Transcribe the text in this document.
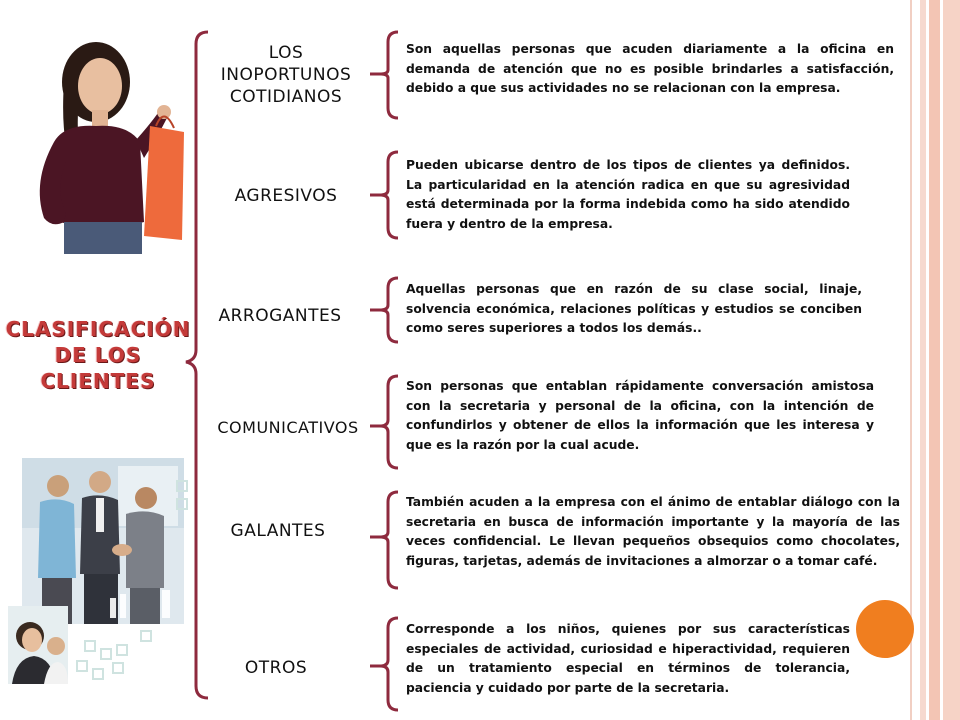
CLASIFICACIÓN
DE LOS
CLIENTES
LOS
INOPORTUNOS
COTIDIANOS
AGRESIVOS
ARROGANTES
COMUNICATIVOS
GALANTES
OTROS
Son aquellas personas que acuden diariamente a la oficina en demanda de atención que no es posible brindarles a satisfacción, debido a que sus actividades no se relacionan con la empresa.
Pueden ubicarse dentro de los tipos de clientes ya definidos. La particularidad en la atención radica en que su agresividad está determinada por la forma indebida como ha sido atendido fuera y dentro de la empresa.
Aquellas personas que en razón de su clase social, linaje, solvencia económica, relaciones políticas y estudios se conciben como seres superiores a todos los demás..
Son personas que entablan rápidamente conversación amistosa con la secretaria y personal de la oficina, con la intención de confundirlos y obtener de ellos la información que les interesa y que es la razón por la cual acude.
También acuden a la empresa con el ánimo de entablar diálogo con la secretaria en busca de información importante y la mayoría de las veces confidencial. Le llevan pequeños obsequios como chocolates, figuras, tarjetas, además de invitaciones a almorzar o a tomar café.
Corresponde a los niños, quienes por sus características especiales de actividad, curiosidad e hiperactividad, requieren de un tratamiento especial en términos de tolerancia, paciencia y cuidado por parte de la secretaria.
